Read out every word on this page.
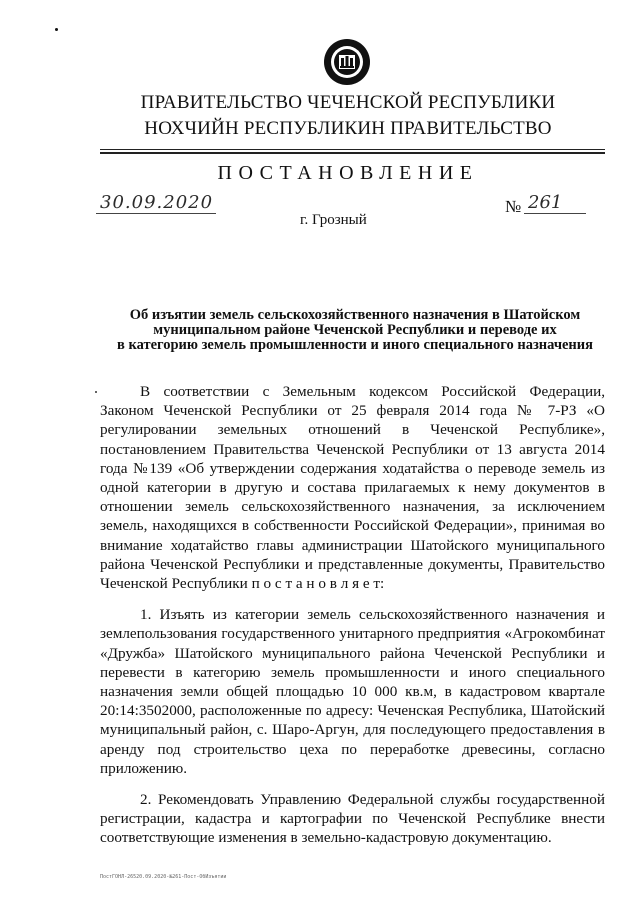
ПРАВИТЕЛЬСТВО ЧЕЧЕНСКОЙ РЕСПУБЛИКИ
НОХЧИЙН РЕСПУБЛИКИН ПРАВИТЕЛЬСТВО
ПОСТАНОВЛЕНИЕ
30.09.2020	№ 261
г. Грозный
Об изъятии земель сельскохозяйственного назначения в Шатойском
муниципальном районе Чеченской Республики и переводе их
в категорию земель промышленности и иного специального назначения

В соответствии с Земельным кодексом Российской Федерации, Законом Чеченской Республики от 25 февраля 2014 года № 7-РЗ «О регулировании земельных отношений в Чеченской Республике», постановлением Правительства Чеченской Республики от 13 августа 2014 года №139 «Об утверждении содержания ходатайства о переводе земель из одной категории в другую и состава прилагаемых к нему документов в отношении земель сельскохозяйственного назначения, за исключением земель, находящихся в собственности Российской Федерации», принимая во внимание ходатайство главы администрации Шатойского муниципального района Чеченской Республики и представленные документы, Правительство Чеченской Республики п о с т а н о в л я е т:

1. Изъять из категории земель сельскохозяйственного назначения и землепользования государственного унитарного предприятия «Агрокомбинат «Дружба» Шатойского муниципального района Чеченской Республики и перевести в категорию земель промышленности и иного специального назначения земли общей площадью 10 000 кв.м, в кадастровом квартале 20:14:3502000, расположенные по адресу: Чеченская Республика, Шатойский муниципальный район, с. Шаро-Аргун, для последующего предоставления в аренду под строительство цеха по переработке древесины, согласно приложению.

2. Рекомендовать Управлению Федеральной службы государственной регистрации, кадастра и картографии по Чеченской Республике внести соответствующие изменения в земельно-кадастровую документацию.

ПостГОНЛ-26520.09.2020-№261-Пост-ОбИзъятии
